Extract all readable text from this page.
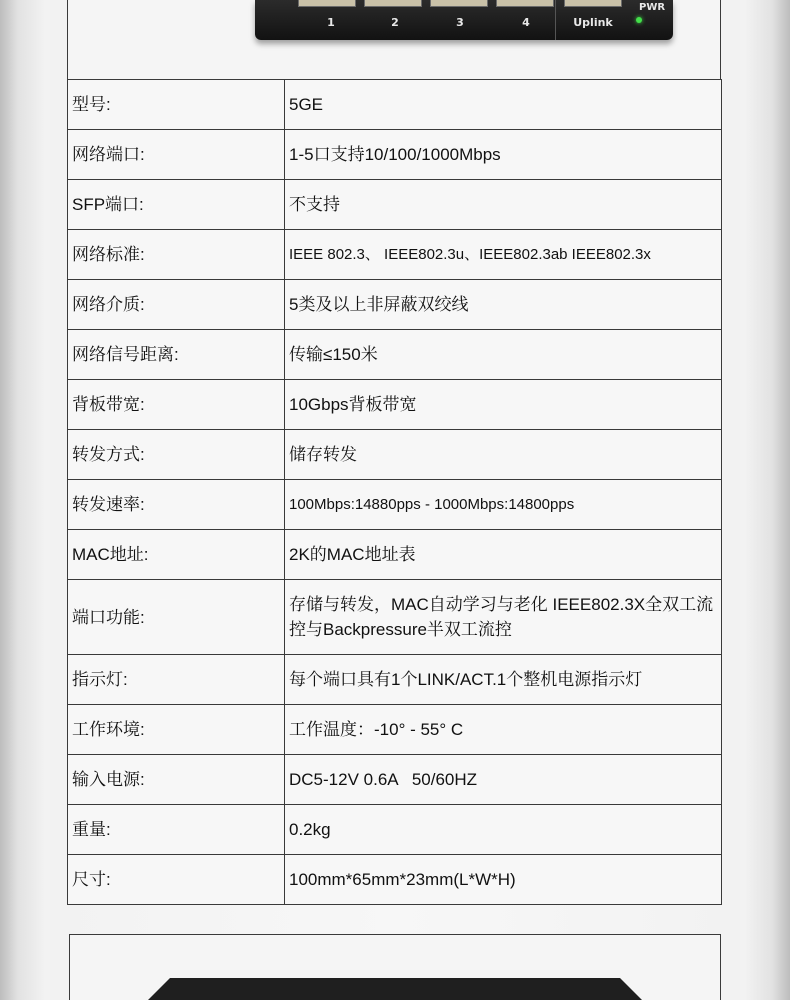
1	2	3	4	Uplink
PWR
型号:	5GE
网络端口:	1-5口支持10/100/1000Mbps
SFP端口:	不支持
网络标准:	IEEE 802.3、 IEEE802.3u、IEEE802.3ab IEEE802.3x
网络介质:	5类及以上非屏蔽双绞线
网络信号距离:	传输≤150米
背板带宽:	10Gbps背板带宽
转发方式:	储存转发
转发速率:	100Mbps:14880pps - 1000Mbps:14800pps
MAC地址:	2K的MAC地址表
端口功能:	存储与转发，MAC自动学习与老化 IEEE802.3X全双工流控与Backpressure半双工流控
指示灯:	每个端口具有1个LINK/ACT.1个整机电源指示灯
工作环境:	工作温度：-10° - 55° C
输入电源:	DC5-12V 0.6A   50/60HZ
重量:	0.2kg
尺寸:	100mm*65mm*23mm(L*W*H)
